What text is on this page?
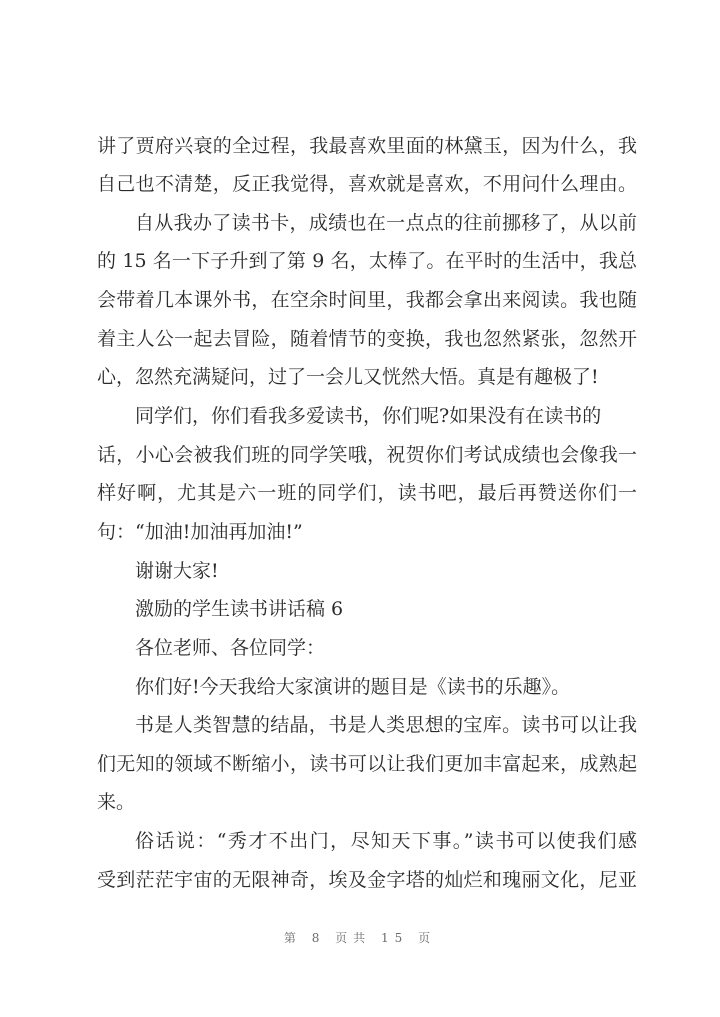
讲了贾府兴衰的全过程，我最喜欢里面的林黛玉，因为什么，我

自己也不清楚，反正我觉得，喜欢就是喜欢，不用问什么理由。

自从我办了读书卡，成绩也在一点点的往前挪移了，从以前

的 15 名一下子升到了第 9 名，太棒了。在平时的生活中，我总

会带着几本课外书，在空余时间里，我都会拿出来阅读。我也随

着主人公一起去冒险，随着情节的变换，我也忽然紧张，忽然开

心，忽然充满疑问，过了一会儿又恍然大悟。真是有趣极了!

同学们，你们看我多爱读书，你们呢?如果没有在读书的

话，小心会被我们班的同学笑哦，祝贺你们考试成绩也会像我一

样好啊，尤其是六一班的同学们，读书吧，最后再赞送你们一

句：“加油!加油再加油!”

谢谢大家!

激励的学生读书讲话稿 6

各位老师、各位同学：

你们好!今天我给大家演讲的题目是《读书的乐趣》。

书是人类智慧的结晶，书是人类思想的宝库。读书可以让我

们无知的领域不断缩小，读书可以让我们更加丰富起来，成熟起

来。

俗话说：“秀才不出门，尽知天下事。”读书可以使我们感

受到茫茫宇宙的无限神奇，埃及金字塔的灿烂和瑰丽文化，尼亚

第 8 页共 15 页
